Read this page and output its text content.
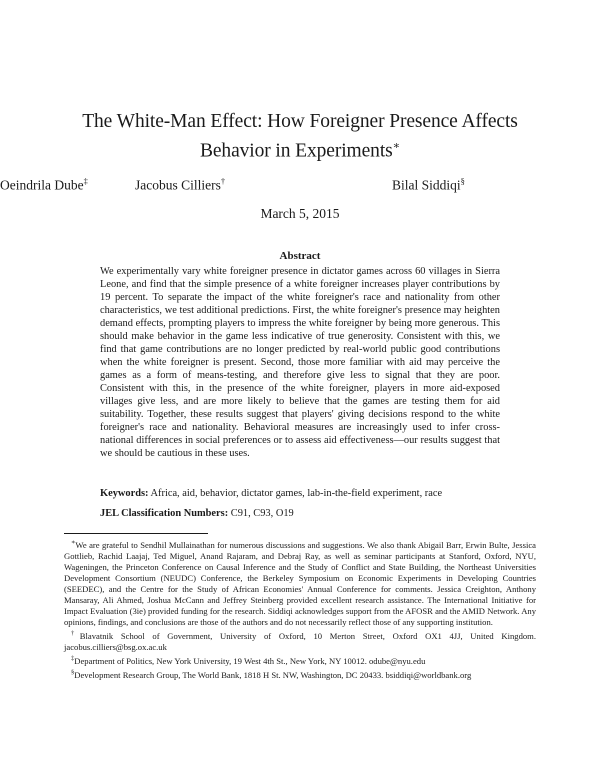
The White-Man Effect: How Foreigner Presence Affects
Behavior in Experiments∗
Jacobus Cilliers†
Oeindrila Dube‡	Bilal Siddiqi§
March 5, 2015
Abstract

We experimentally vary white foreigner presence in dictator games across 60 villages in Sierra Leone, and find that the simple presence of a white foreigner increases player contributions by 19 percent. To separate the impact of the white foreigner's race and nationality from other characteristics, we test additional predictions. First, the white foreigner's presence may heighten demand effects, prompting players to impress the white foreigner by being more generous. This should make behavior in the game less indicative of true generosity. Consistent with this, we find that game contributions are no longer predicted by real-world public good contributions when the white foreigner is present. Second, those more familiar with aid may perceive the games as a form of means-testing, and therefore give less to signal that they are poor. Consistent with this, in the presence of the white foreigner, players in more aid-exposed villages give less, and are more likely to believe that the games are testing them for aid suitability. Together, these results suggest that players' giving decisions respond to the white foreigner's race and nationality. Behavioral measures are increasingly used to infer cross-national differences in social preferences or to assess aid effectiveness—our results suggest that we should be cautious in these uses.

Keywords: Africa, aid, behavior, dictator games, lab-in-the-field experiment, race
JEL Classification Numbers: C91, C93, O19

∗We are grateful to Sendhil Mullainathan for numerous discussions and suggestions. We also thank Abigail Barr, Erwin Bulte, Jessica Gottlieb, Rachid Laajaj, Ted Miguel, Anand Rajaram, and Debraj Ray, as well as seminar participants at Stanford, Oxford, NYU, Wageningen, the Princeton Conference on Causal Inference and the Study of Conflict and State Building, the Northeast Universities Development Consortium (NEUDC) Conference, the Berkeley Symposium on Economic Experiments in Developing Countries (SEEDEC), and the Centre for the Study of African Economies' Annual Conference for comments. Jessica Creighton, Anthony Mansaray, Ali Ahmed, Joshua McCann and Jeffrey Steinberg provided excellent research assistance. The International Initiative for Impact Evaluation (3ie) provided funding for the research. Siddiqi acknowledges support from the AFOSR and the AMID Network. Any opinions, findings, and conclusions are those of the authors and do not necessarily reflect those of any supporting institution.

†Blavatnik School of Government, University of Oxford, 10 Merton Street, Oxford OX1 4JJ, United Kingdom. jacobus.cilliers@bsg.ox.ac.uk

‡Department of Politics, New York University, 19 West 4th St., New York, NY 10012. odube@nyu.edu

§Development Research Group, The World Bank, 1818 H St. NW, Washington, DC 20433. bsiddiqi@worldbank.org
